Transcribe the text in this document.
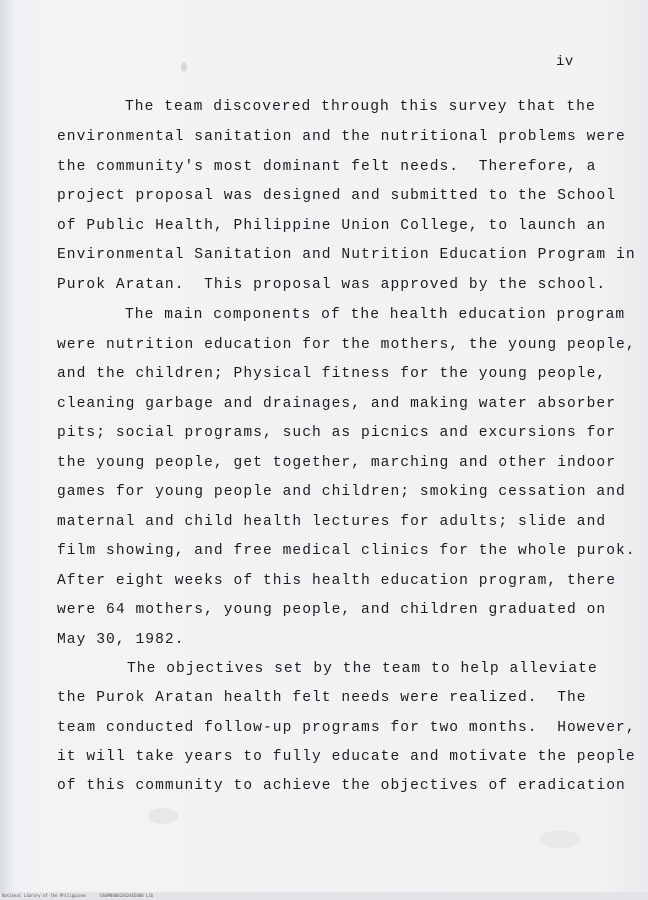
iv
The team discovered through this survey that the
environmental sanitation and the nutritional problems were
the community's most dominant felt needs.  Therefore, a
project proposal was designed and submitted to the School
of Public Health, Philippine Union College, to launch an
Environmental Sanitation and Nutrition Education Program in
Purok Aratan.  This proposal was approved by the school.
The main components of the health education program
were nutrition education for the mothers, the young people,
and the children; Physical fitness for the young people,
cleaning garbage and drainages, and making water absorber
pits; social programs, such as picnics and excursions for
the young people, get together, marching and other indoor
games for young people and children; smoking cessation and
maternal and child health lectures for adults; slide and
film showing, and free medical clinics for the whole purok.
After eight weeks of this health education program, there
were 64 mothers, young people, and children graduated on
May 30, 1982.
The objectives set by the team to help alleviate
the Purok Aratan health felt needs were realized.  The
team conducted follow-up programs for two months.  However,
it will take years to fully educate and motivate the people
of this community to achieve the objectives of eradication
National Library of the Philippines	DG4M00002362465000 Lib
